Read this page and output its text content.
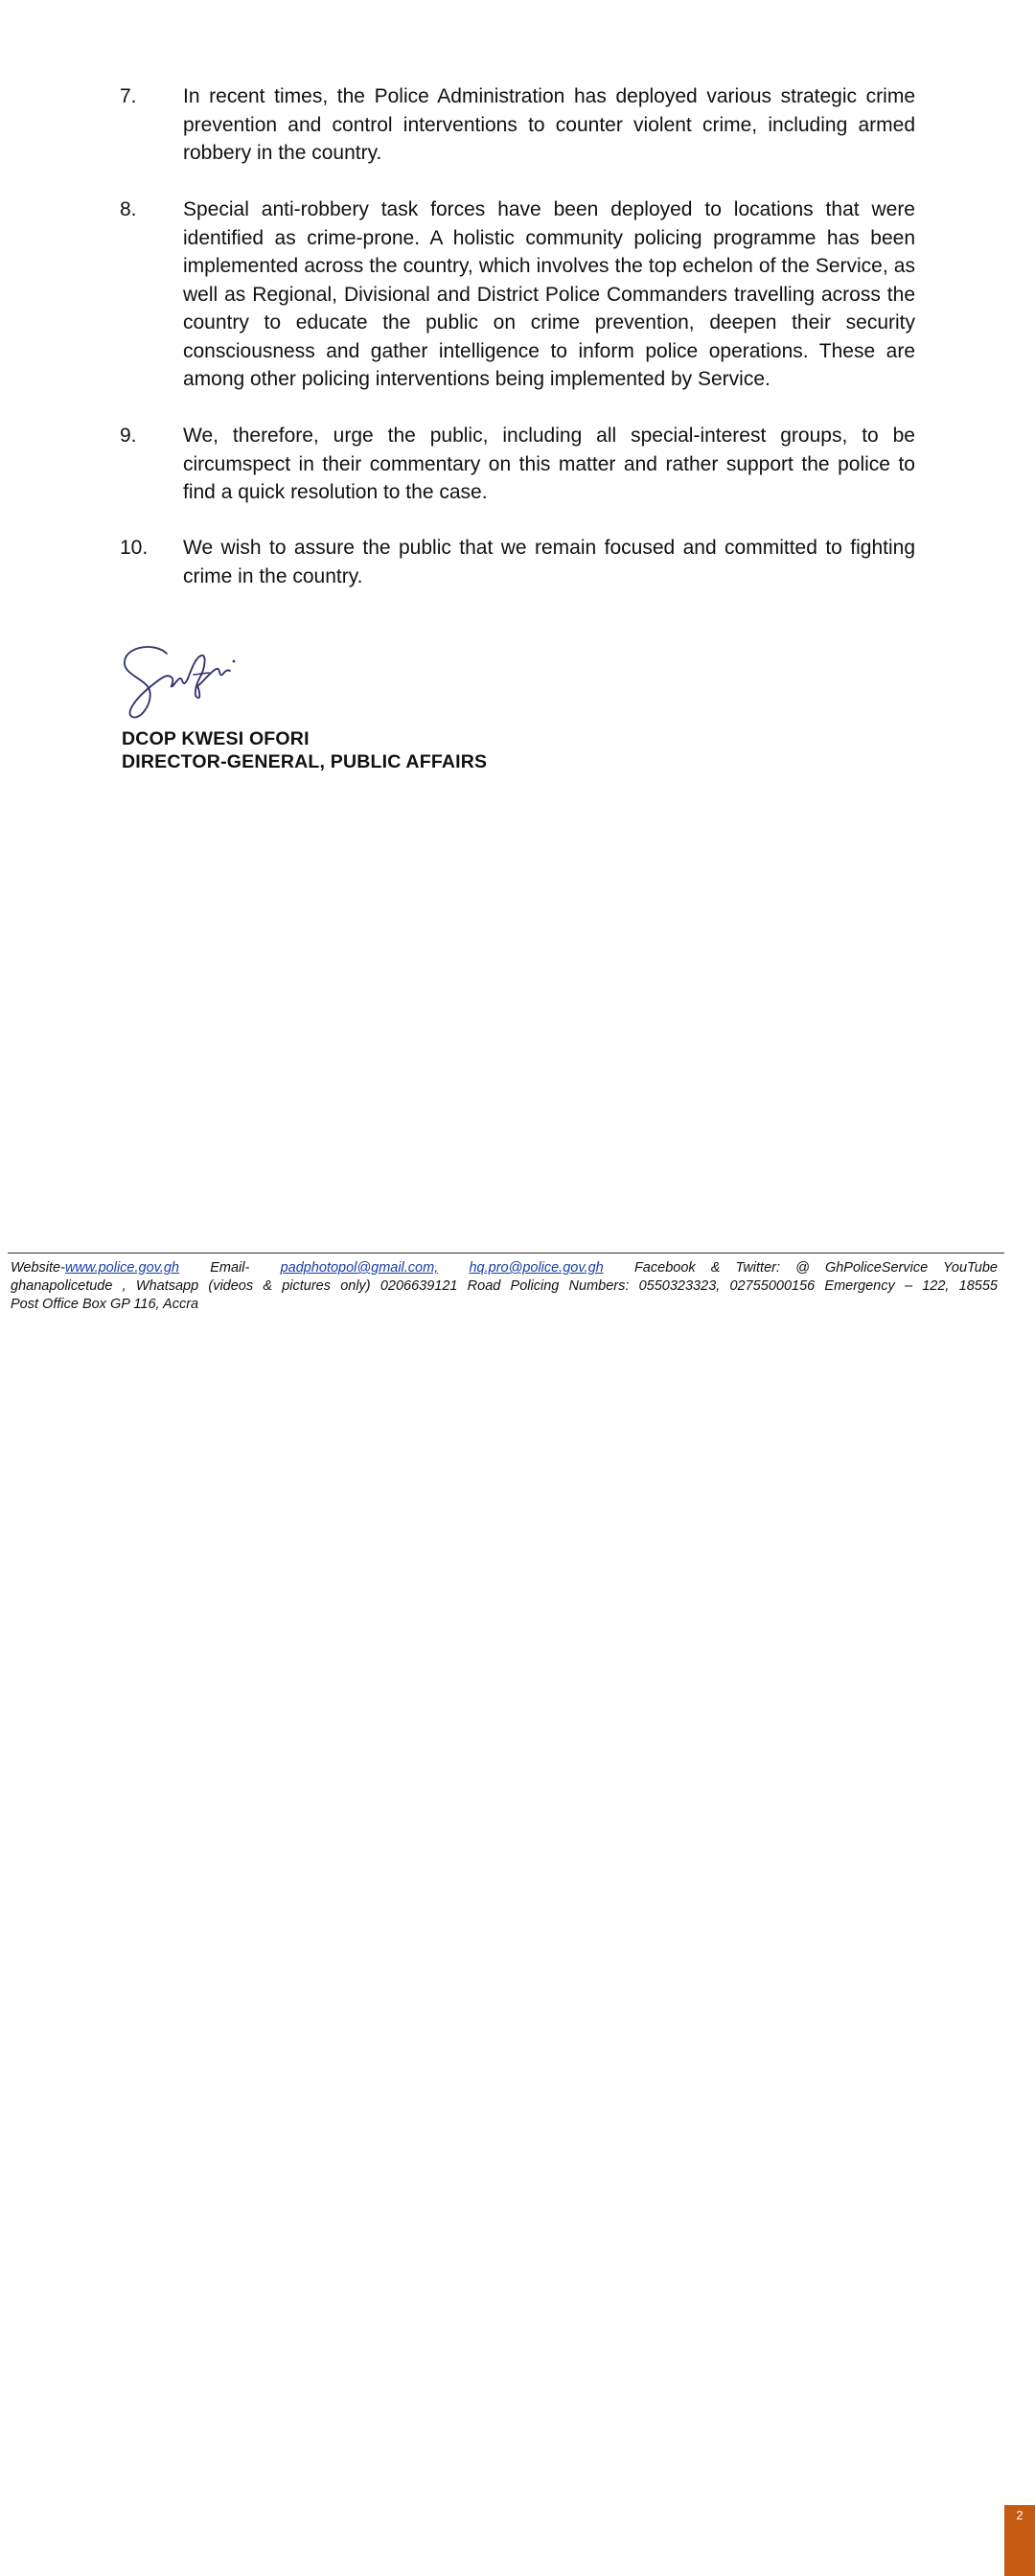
7. In recent times, the Police Administration has deployed various strategic crime prevention and control interventions to counter violent crime, including armed robbery in the country.
8. Special anti-robbery task forces have been deployed to locations that were identified as crime-prone. A holistic community policing programme has been implemented across the country, which involves the top echelon of the Service, as well as Regional, Divisional and District Police Commanders travelling across the country to educate the public on crime prevention, deepen their security consciousness and gather intelligence to inform police operations. These are among other policing interventions being implemented by Service.
9. We, therefore, urge the public, including all special-interest groups, to be circumspect in their commentary on this matter and rather support the police to find a quick resolution to the case.
10. We wish to assure the public that we remain focused and committed to fighting crime in the country.
DCOP KWESI OFORI
DIRECTOR-GENERAL, PUBLIC AFFAIRS
Website-www.police.gov.gh Email- padphotopol@gmail.com, hq.pro@police.gov.gh Facebook & Twitter: @ GhPoliceService YouTube
ghanapolicetude , Whatsapp (videos & pictures only) 0206639121 Road Policing Numbers: 0550323323, 02755000156 Emergency – 122, 18555
Post Office Box GP 116, Accra
2
